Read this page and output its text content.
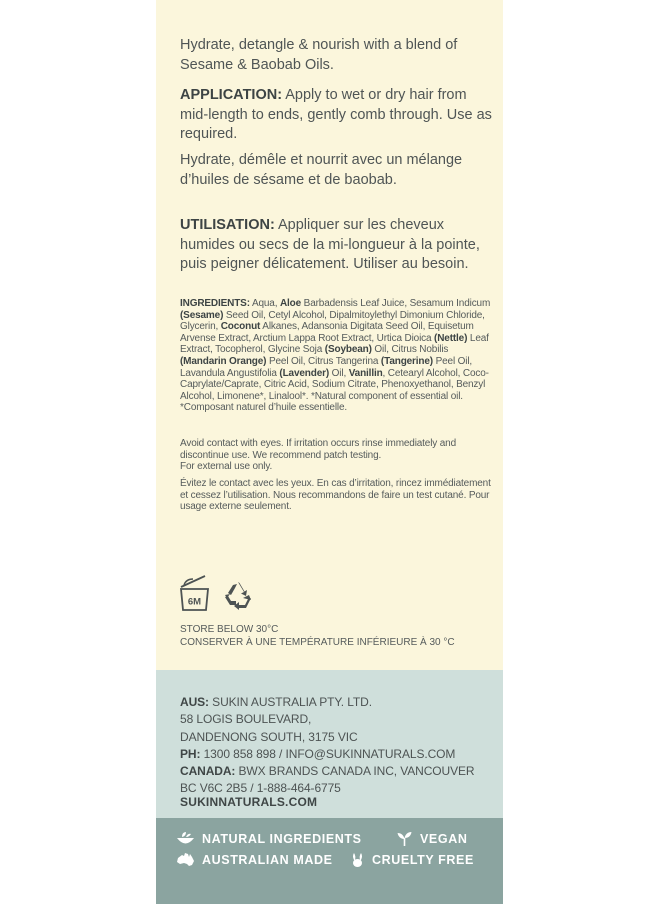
Hydrate, detangle & nourish with a blend of Sesame & Baobab Oils.

APPLICATION: Apply to wet or dry hair from mid-length to ends, gently comb through. Use as required.

Hydrate, démêle et nourrit avec un mélange d’huiles de sésame et de baobab.

UTILISATION: Appliquer sur les cheveux humides ou secs de la mi-longueur à la pointe, puis peigner délicatement. Utiliser au besoin.

INGREDIENTS: Aqua, Aloe Barbadensis Leaf Juice, Sesamum Indicum (Sesame) Seed Oil, Cetyl Alcohol, Dipalmitoylethyl Dimonium Chloride, Glycerin, Coconut Alkanes, Adansonia Digitata Seed Oil, Equisetum Arvense Extract, Arctium Lappa Root Extract, Urtica Dioica (Nettle) Leaf Extract, Tocopherol, Glycine Soja (Soybean) Oil, Citrus Nobilis (Mandarin Orange) Peel Oil, Citrus Tangerina (Tangerine) Peel Oil, Lavandula Angustifolia (Lavender) Oil, Vanillin, Cetearyl Alcohol, Coco-Caprylate/Caprate, Citric Acid, Sodium Citrate, Phenoxyethanol, Benzyl Alcohol, Limonene*, Linalool*. *Natural component of essential oil.
*Composant naturel d’huile essentielle.

Avoid contact with eyes. If irritation occurs rinse immediately and discontinue use. We recommend patch testing.
For external use only.

Évitez le contact avec les yeux. En cas d’irritation, rincez immédiatement et cessez l’utilisation. Nous recommandons de faire un test cutané. Pour usage externe seulement.

6M

STORE BELOW 30°C
CONSERVER À UNE TEMPÉRATURE INFÉRIEURE À 30 °C

AUS: SUKIN AUSTRALIA PTY. LTD.
58 LOGIS BOULEVARD,
DANDENONG SOUTH, 3175 VIC
PH: 1300 858 898 / INFO@SUKINNATURALS.COM
CANADA: BWX BRANDS CANADA INC, VANCOUVER
BC V6C 2B5 / 1-888-464-6775

SUKINNATURALS.COM

NATURAL INGREDIENTS	VEGAN
AUSTRALIAN MADE	CRUELTY FREE
